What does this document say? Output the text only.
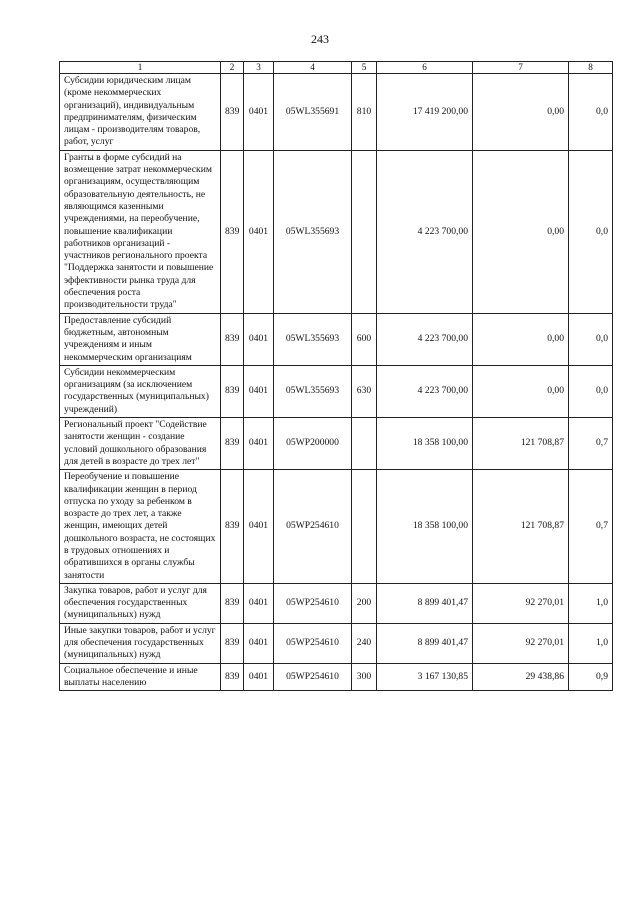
243
1	2	3	4	5	6	7	8
Субсидии юридическим лицам (кроме некоммерческих организаций), индивидуальным предпринимателям, физическим лицам - производителям товаров, работ, услуг	839	0401	05WL355691	810	17 419 200,00	0,00	0,0
Гранты в форме субсидий на возмещение затрат некоммерческим организациям, осуществляющим образовательную деятельность, не являющимся казенными учреждениями, на переобучение, повышение квалификации работников организаций - участников регионального проекта "Поддержка занятости и повышение эффективности рынка труда для обеспечения роста производительности труда"	839	0401	05WL355693		4 223 700,00	0,00	0,0
Предоставление субсидий бюджетным, автономным учреждениям и иным некоммерческим организациям	839	0401	05WL355693	600	4 223 700,00	0,00	0,0
Субсидии некоммерческим организациям (за исключением государственных (муниципальных) учреждений)	839	0401	05WL355693	630	4 223 700,00	0,00	0,0
Региональный проект "Содействие занятости женщин - создание условий дошкольного образования для детей в возрасте до трех лет"	839	0401	05WP200000		18 358 100,00	121 708,87	0,7
Переобучение и повышение квалификации женщин в период отпуска по уходу за ребенком в возрасте до трех лет, а также женщин, имеющих детей дошкольного возраста, не состоящих в трудовых отношениях и обратившихся в органы службы занятости	839	0401	05WP254610		18 358 100,00	121 708,87	0,7
Закупка товаров, работ и услуг для обеспечения государственных (муниципальных) нужд	839	0401	05WP254610	200	8 899 401,47	92 270,01	1,0
Иные закупки товаров, работ и услуг для обеспечения государственных (муниципальных) нужд	839	0401	05WP254610	240	8 899 401,47	92 270,01	1,0
Социальное обеспечение и иные выплаты населению	839	0401	05WP254610	300	3 167 130,85	29 438,86	0,9
